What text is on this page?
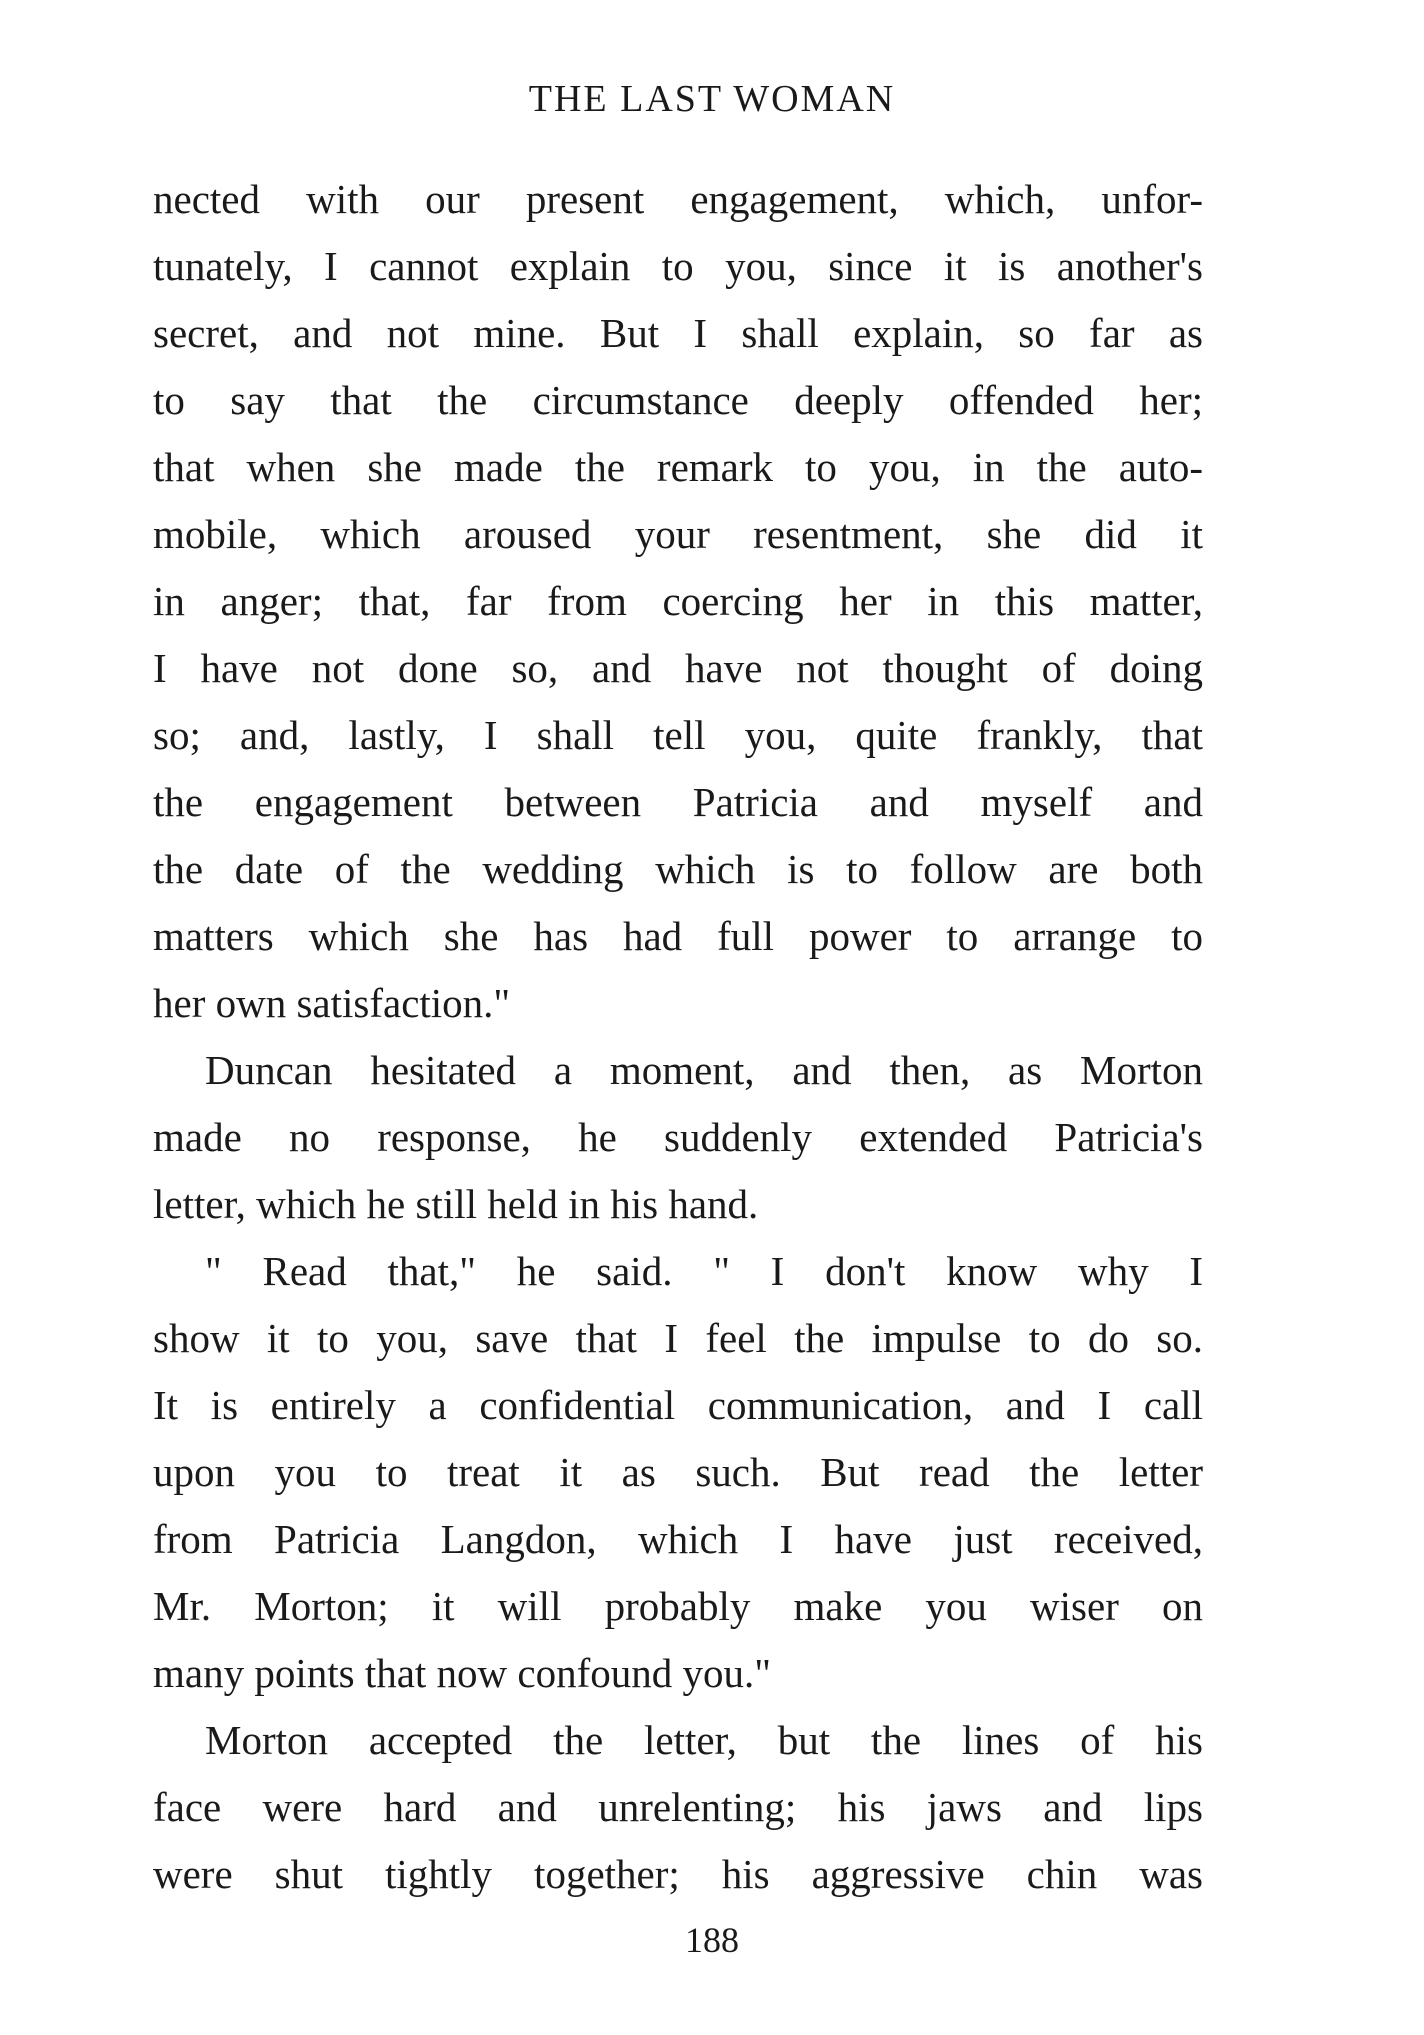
THE LAST WOMAN
nected with our present engagement, which, unfor-
tunately, I cannot explain to you, since it is another's
secret, and not mine. But I shall explain, so far as
to say that the circumstance deeply offended her;
that when she made the remark to you, in the auto-
mobile, which aroused your resentment, she did it
in anger; that, far from coercing her in this matter,
I have not done so, and have not thought of doing
so; and, lastly, I shall tell you, quite frankly, that
the engagement between Patricia and myself and
the date of the wedding which is to follow are both
matters which she has had full power to arrange to
her own satisfaction."
Duncan hesitated a moment, and then, as Morton
made no response, he suddenly extended Patricia's
letter, which he still held in his hand.
" Read that," he said. " I don't know why I
show it to you, save that I feel the impulse to do so.
It is entirely a confidential communication, and I call
upon you to treat it as such. But read the letter
from Patricia Langdon, which I have just received,
Mr. Morton; it will probably make you wiser on
many points that now confound you."
Morton accepted the letter, but the lines of his
face were hard and unrelenting; his jaws and lips
were shut tightly together; his aggressive chin was
188
